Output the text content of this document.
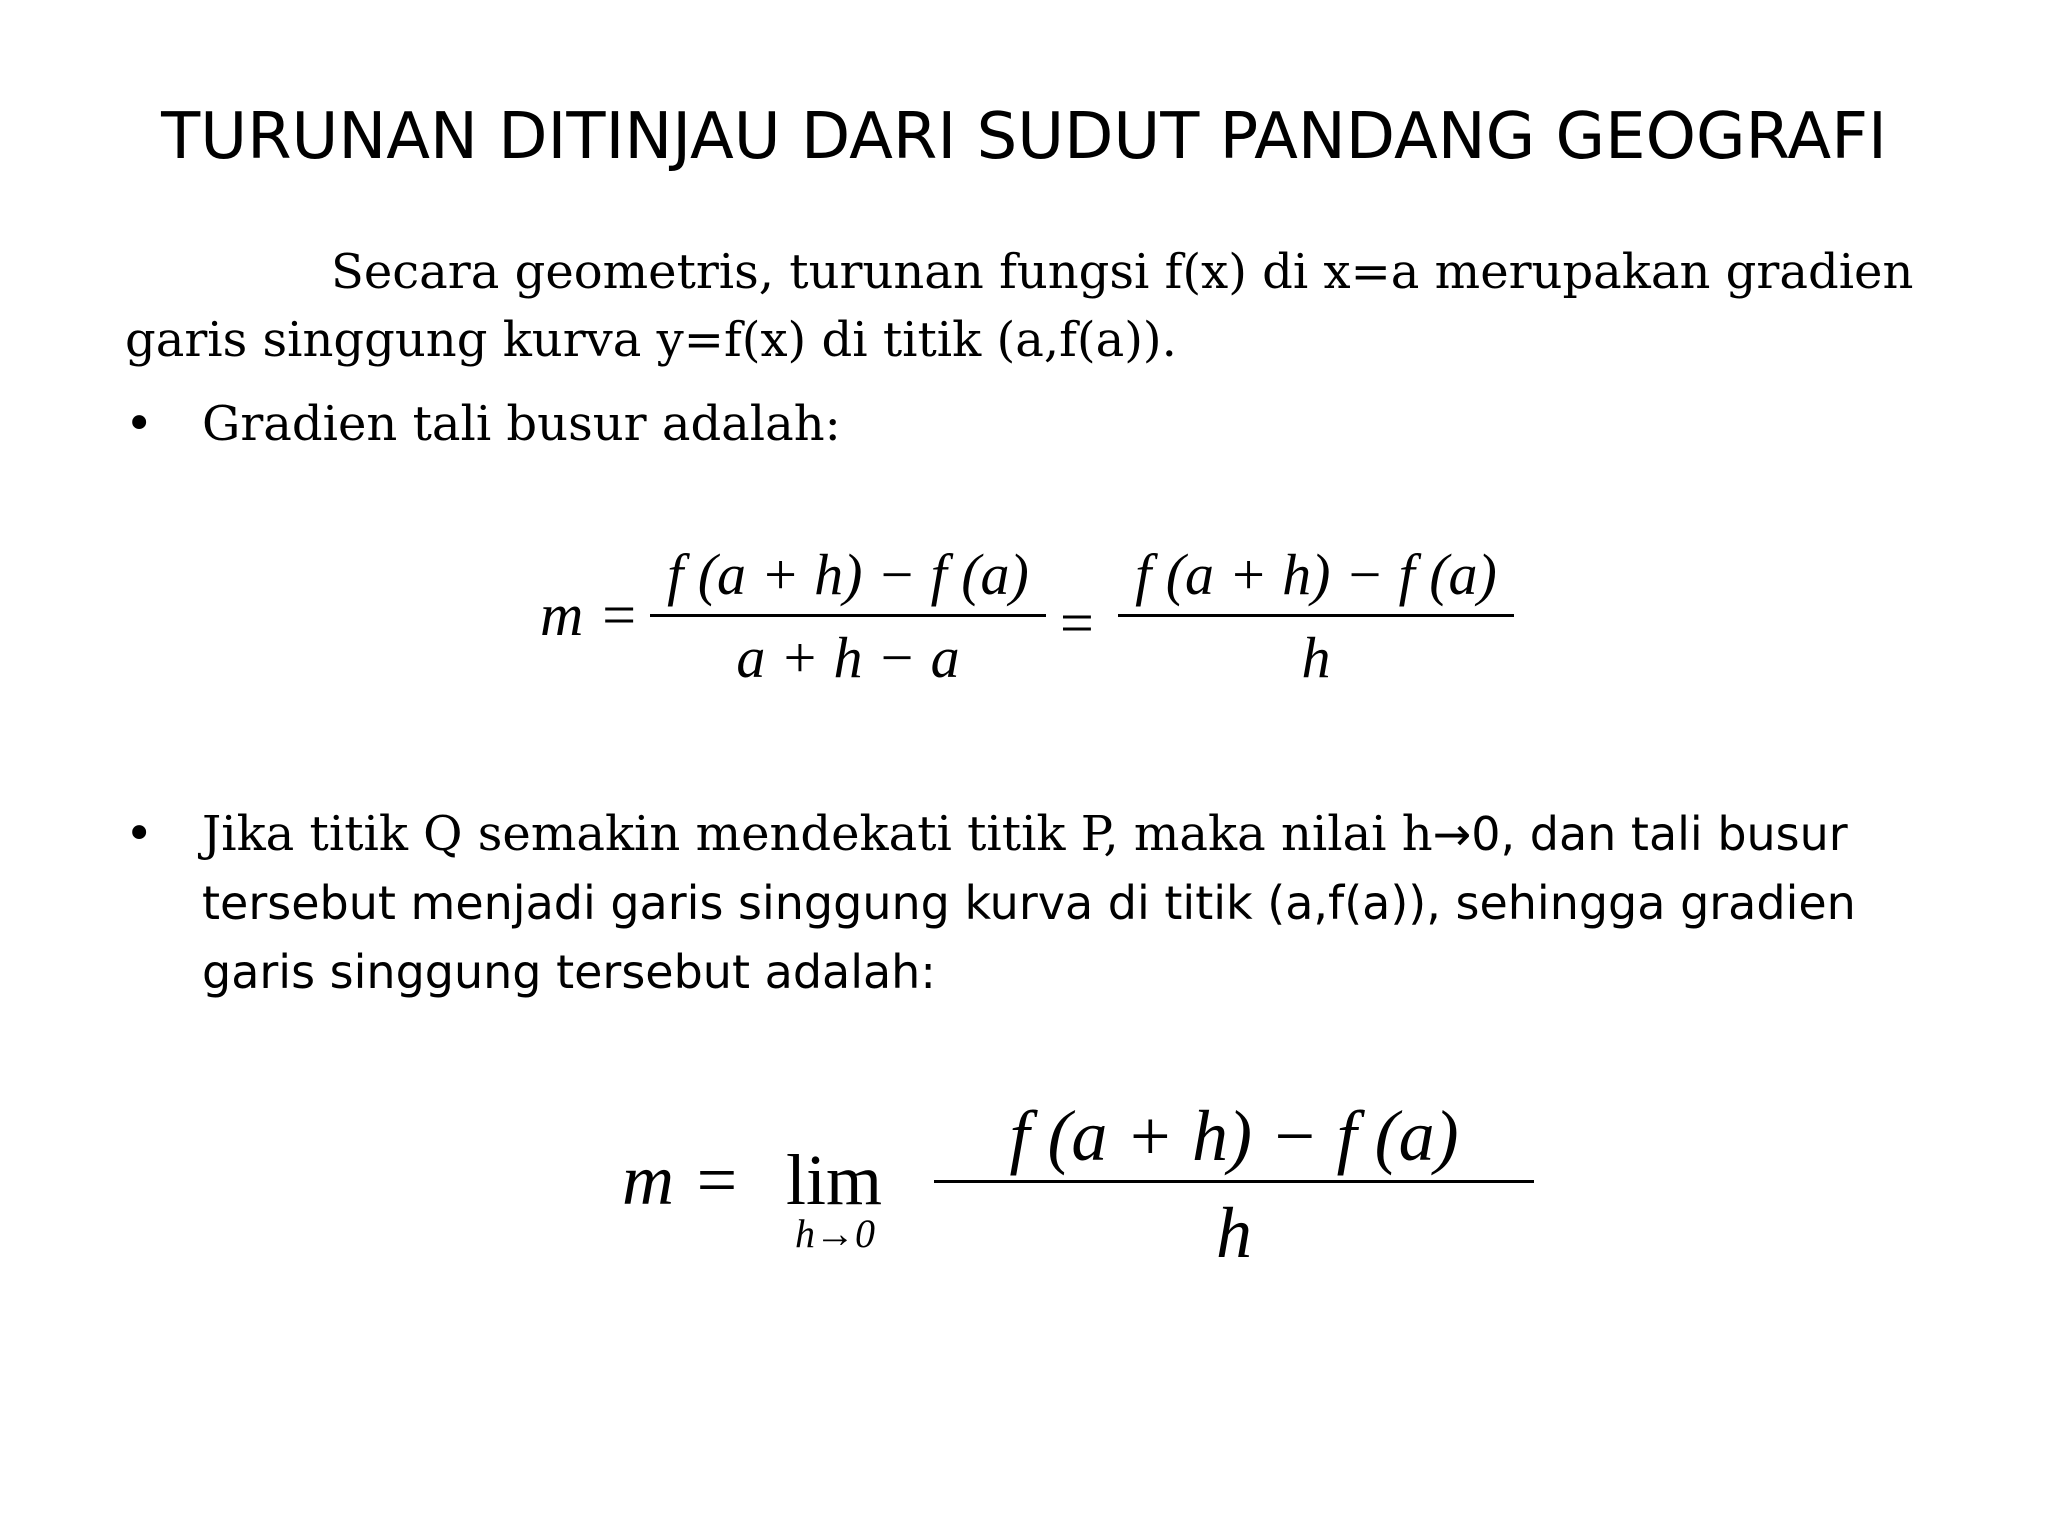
TURUNAN DITINJAU DARI SUDUT PANDANG GEOGRAFI
Secara geometris, turunan fungsi f(x) di x=a merupakan gradien
garis singgung kurva y=f(x) di titik (a,f(a)).
• Gradien tali busur adalah:
m =
f (a + h) − f (a)
a + h − a
=
f (a + h) − f (a)
h
• Jika titik Q semakin mendekati titik P, maka nilai h→0, dan tali busur
tersebut menjadi garis singgung kurva di titik (a,f(a)), sehingga gradien
garis singgung tersebut adalah:
m = lim
h→0
f (a + h) − f (a)
h
